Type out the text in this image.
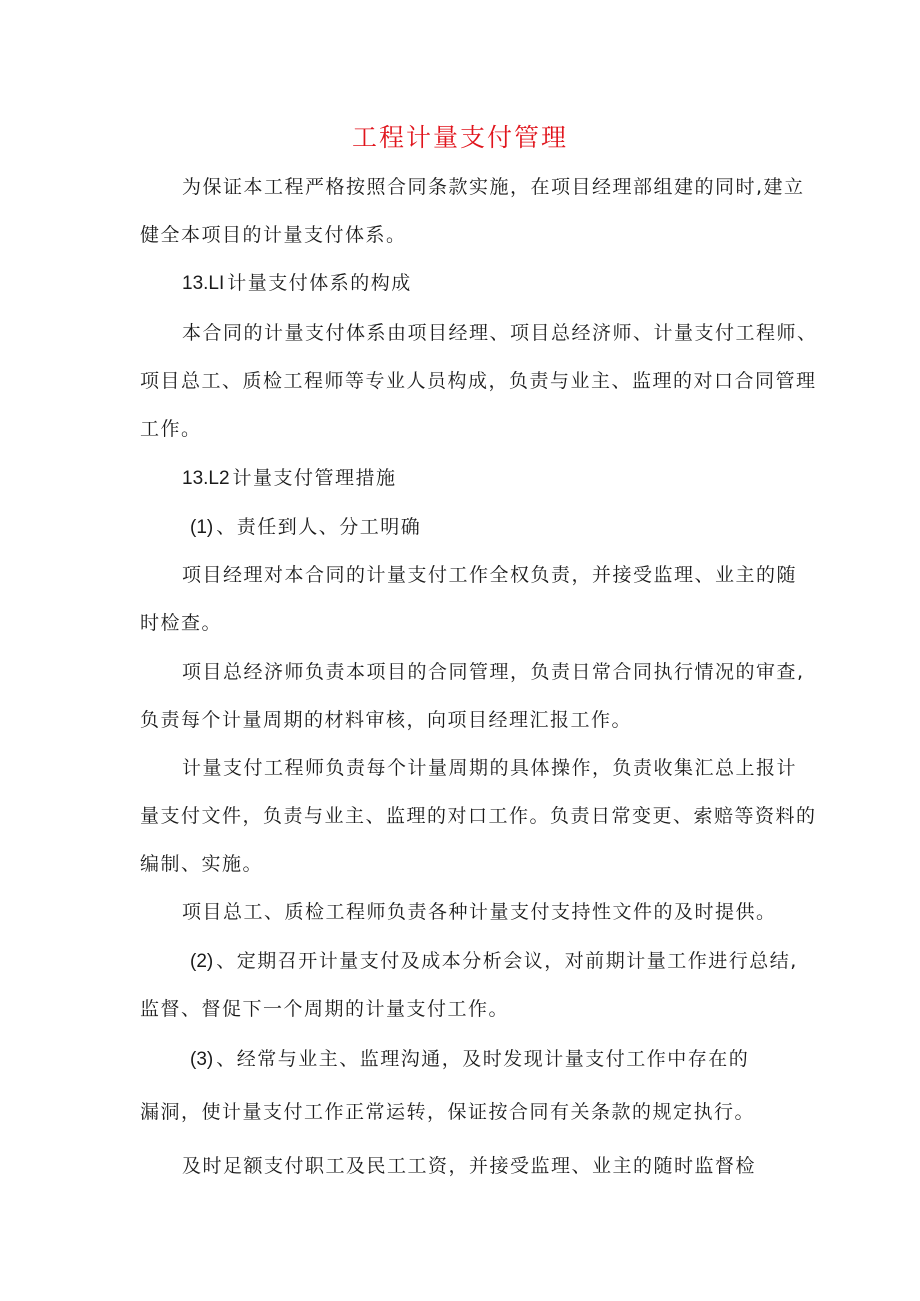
工程计量支付管理

为保证本工程严格按照合同条款实施，在项目经理部组建的同时,建立

健全本项目的计量支付体系。

13.LI 计量支付体系的构成

本合同的计量支付体系由项目经理、项目总经济师、计量支付工程师、

项目总工、质检工程师等专业人员构成，负责与业主、监理的对口合同管理

工作。

13.L2 计量支付管理措施

(1) 、责任到人、分工明确

项目经理对本合同的计量支付工作全权负责，并接受监理、业主的随

时检查。

项目总经济师负责本项目的合同管理，负责日常合同执行情况的审查,

负责每个计量周期的材料审核，向项目经理汇报工作。

计量支付工程师负责每个计量周期的具体操作，负责收集汇总上报计

量支付文件，负责与业主、监理的对口工作。负责日常变更、索赔等资料的

编制、实施。

项目总工、质检工程师负责各种计量支付支持性文件的及时提供。

(2) 、定期召开计量支付及成本分析会议，对前期计量工作进行总结,

监督、督促下一个周期的计量支付工作。

(3) 、经常与业主、监理沟通，及时发现计量支付工作中存在的

漏洞，使计量支付工作正常运转，保证按合同有关条款的规定执行。

及时足额支付职工及民工工资，并接受监理、业主的随时监督检
